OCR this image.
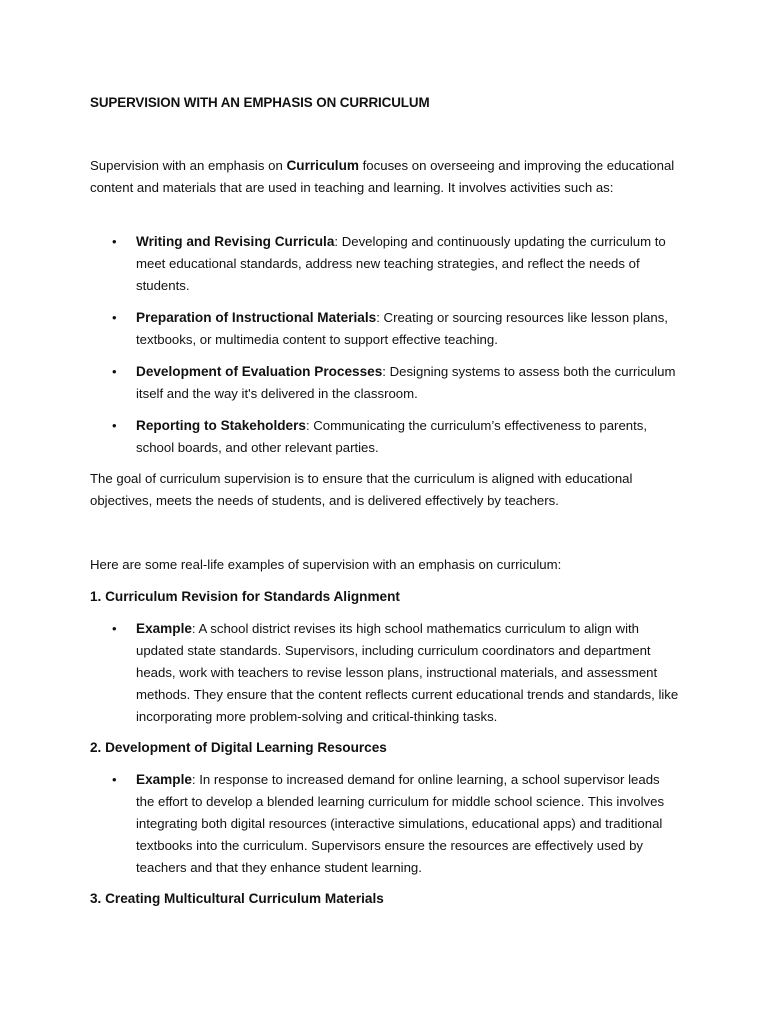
SUPERVISION WITH AN EMPHASIS ON CURRICULUM

Supervision with an emphasis on Curriculum focuses on overseeing and improving the educational content and materials that are used in teaching and learning. It involves activities such as:

• Writing and Revising Curricula: Developing and continuously updating the curriculum to meet educational standards, address new teaching strategies, and reflect the needs of students.
• Preparation of Instructional Materials: Creating or sourcing resources like lesson plans, textbooks, or multimedia content to support effective teaching.
• Development of Evaluation Processes: Designing systems to assess both the curriculum itself and the way it's delivered in the classroom.
• Reporting to Stakeholders: Communicating the curriculum’s effectiveness to parents, school boards, and other relevant parties.

The goal of curriculum supervision is to ensure that the curriculum is aligned with educational objectives, meets the needs of students, and is delivered effectively by teachers.

Here are some real-life examples of supervision with an emphasis on curriculum:

1. Curriculum Revision for Standards Alignment
• Example: A school district revises its high school mathematics curriculum to align with updated state standards. Supervisors, including curriculum coordinators and department heads, work with teachers to revise lesson plans, instructional materials, and assessment methods. They ensure that the content reflects current educational trends and standards, like incorporating more problem-solving and critical-thinking tasks.
2. Development of Digital Learning Resources
• Example: In response to increased demand for online learning, a school supervisor leads the effort to develop a blended learning curriculum for middle school science. This involves integrating both digital resources (interactive simulations, educational apps) and traditional textbooks into the curriculum. Supervisors ensure the resources are effectively used by teachers and that they enhance student learning.
3. Creating Multicultural Curriculum Materials
